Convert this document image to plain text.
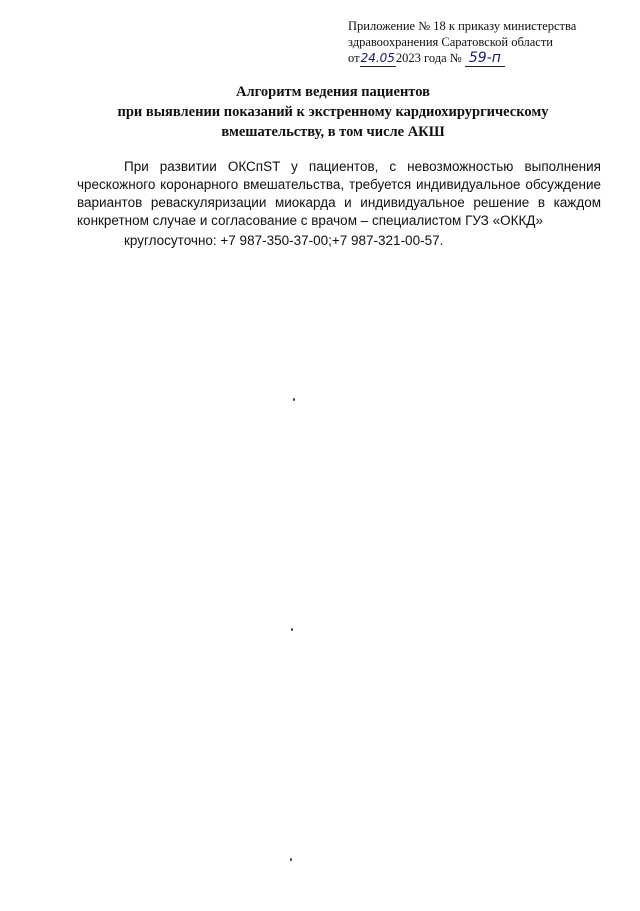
Приложение № 18 к приказу министерства
здравоохранения Саратовской области
от24.052023 года № 59-п
Алгоритм ведения пациентов
при выявлении показаний к экстренному кардиохирургическому
вмешательству, в том числе АКШ

При развитии ОКСпST у пациентов, с невозможностью выполнения чрескожного коронарного вмешательства, требуется индивидуальное обсуждение вариантов реваскуляризации миокарда и индивидуальное решение в каждом конкретном случае и согласование с врачом – специалистом ГУЗ «ОККД»

круглосуточно: +7 987-350-37-00;+7 987-321-00-57.
